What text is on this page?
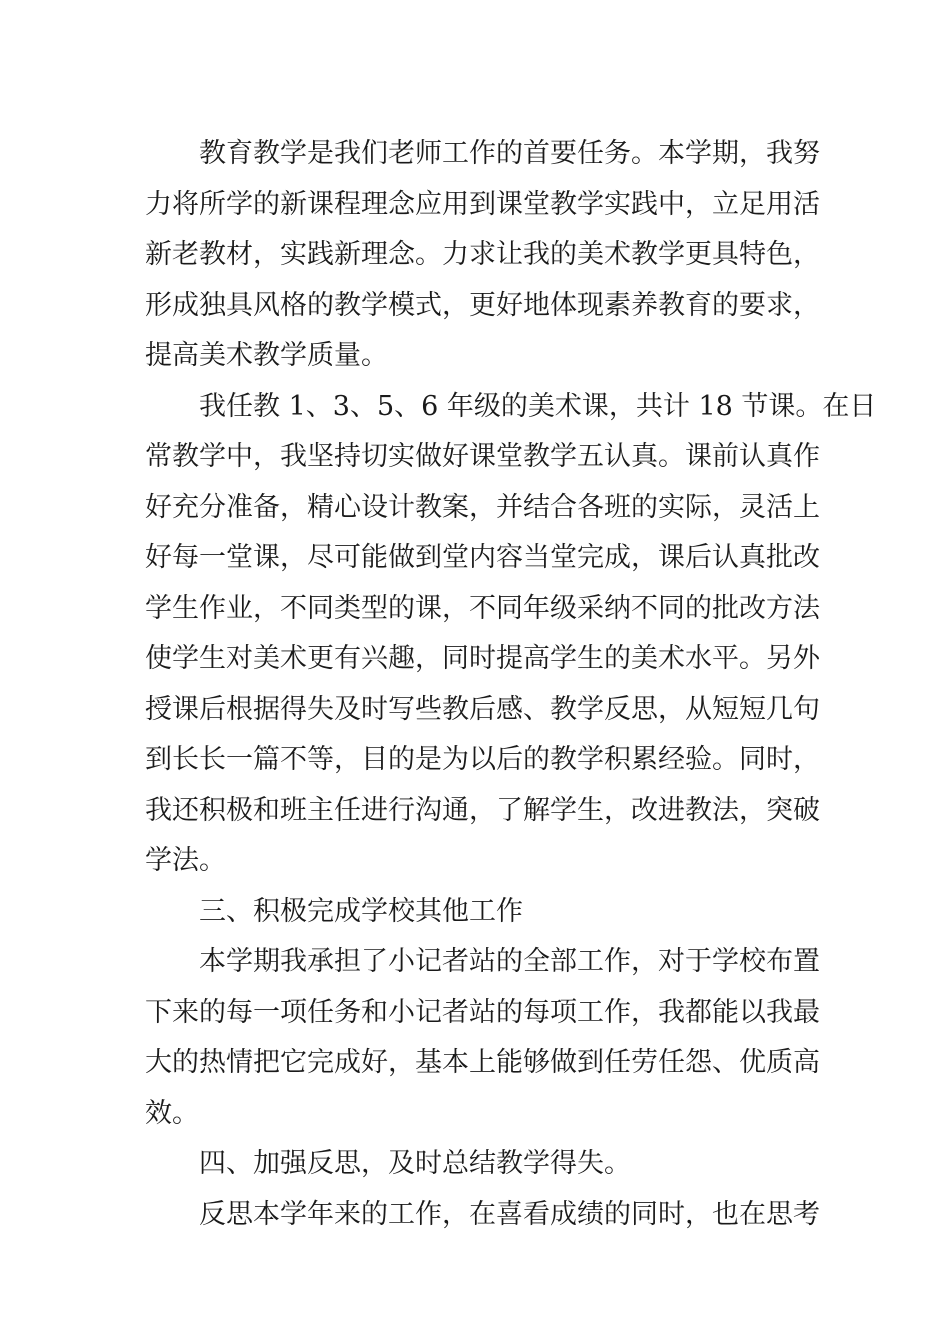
教育教学是我们老师工作的首要任务。本学期，我努
力将所学的新课程理念应用到课堂教学实践中，立足用活
新老教材，实践新理念。力求让我的美术教学更具特色，
形成独具风格的教学模式，更好地体现素养教育的要求，
提高美术教学质量。
我任教 1、3、5、6 年级的美术课，共计 18 节课。在日
常教学中，我坚持切实做好课堂教学五认真。课前认真作
好充分准备，精心设计教案，并结合各班的实际，灵活上
好每一堂课，尽可能做到堂内容当堂完成，课后认真批改
学生作业，不同类型的课，不同年级采纳不同的批改方法
使学生对美术更有兴趣，同时提高学生的美术水平。另外
授课后根据得失及时写些教后感、教学反思，从短短几句
到长长一篇不等，目的是为以后的教学积累经验。同时，
我还积极和班主任进行沟通，了解学生，改进教法，突破
学法。
三、积极完成学校其他工作
本学期我承担了小记者站的全部工作，对于学校布置
下来的每一项任务和小记者站的每项工作，我都能以我最
大的热情把它完成好，基本上能够做到任劳任怨、优质高
效。
四、加强反思，及时总结教学得失。
反思本学年来的工作，在喜看成绩的同时，也在思考
